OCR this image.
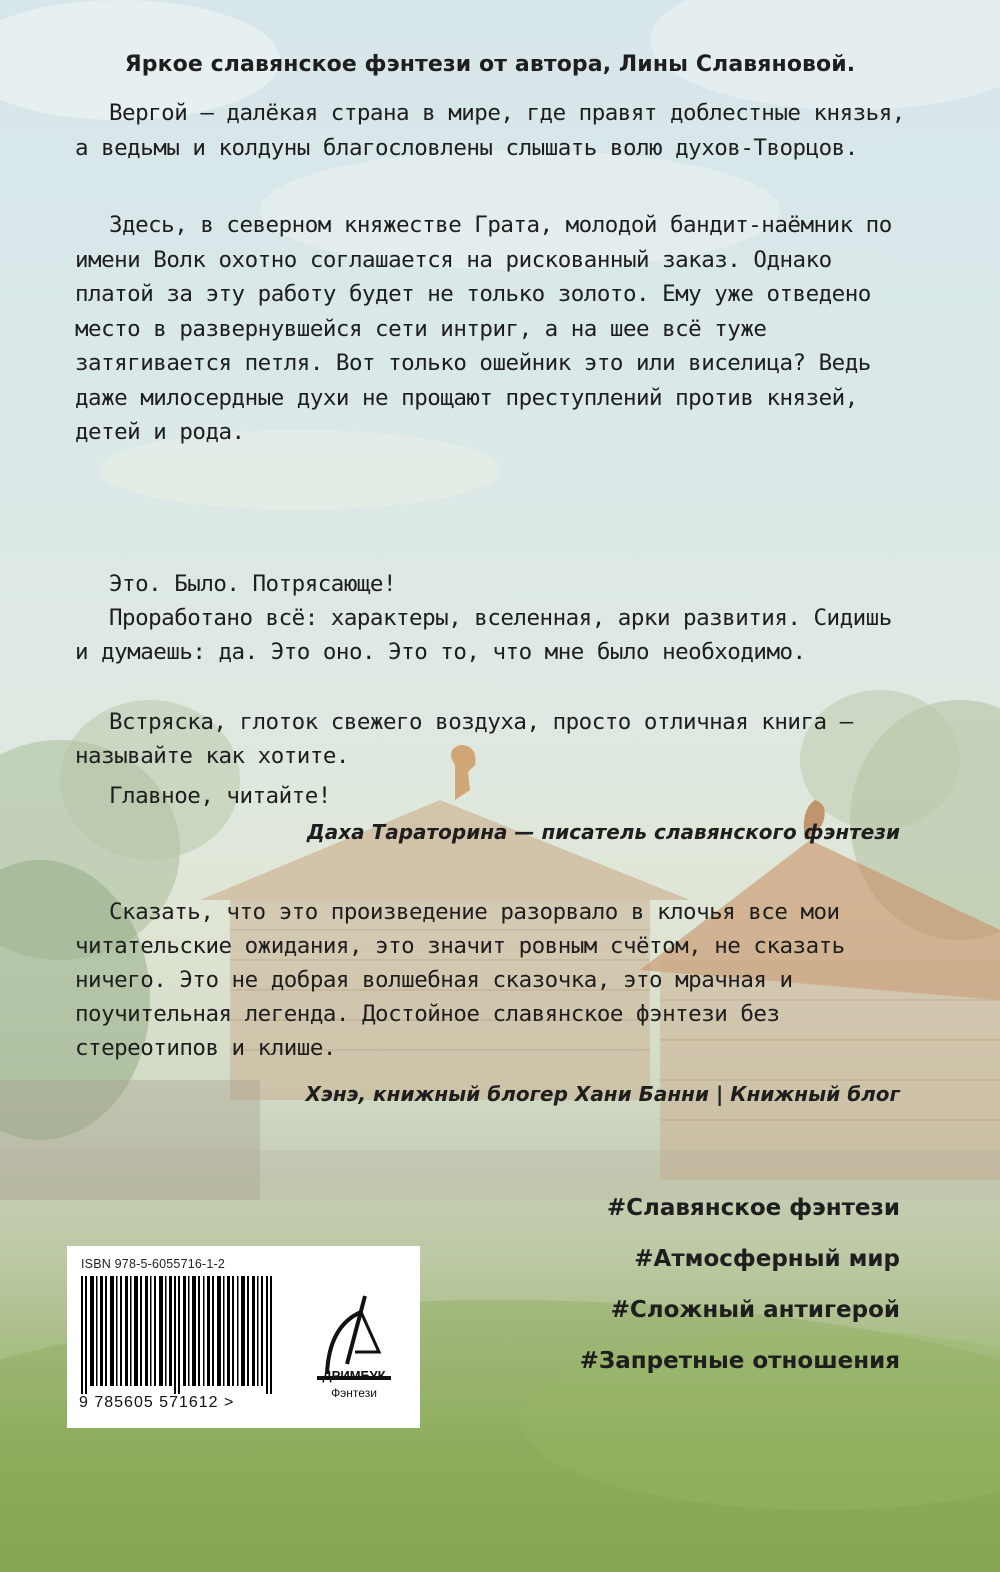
Яркое славянское фэнтези от автора, Лины Славяновой.

Вергой — далёкая страна в мире, где правят доблестные князья, а ведьмы и колдуны благословлены слышать волю духов-Творцов.

Здесь, в северном княжестве Грата, молодой бандит-наёмник по имени Волк охотно соглашается на рискованный заказ. Однако платой за эту работу будет не только золото. Ему уже отведено место в развернувшейся сети интриг, а на шее всё туже затягивается петля. Вот только ошейник это или виселица? Ведь даже милосердные духи не прощают преступлений против князей, детей и рода.

Это. Было. Потрясающе!

Проработано всё: характеры, вселенная, арки развития. Сидишь и думаешь: да. Это оно. Это то, что мне было необходимо.

Встряска, глоток свежего воздуха, просто отличная книга — называйте как хотите.

Главное, читайте!

Даха Тараторина — писатель славянского фэнтези

Сказать, что это произведение разорвало в клочья все мои читательские ожидания, это значит ровным счётом, не сказать ничего. Это не добрая волшебная сказочка, это мрачная и поучительная легенда. Достойное славянское фэнтези без стереотипов и клише.

Хэнэ, книжный блогер Хани Банни | Книжный блог
#Славянское фэнтези
#Атмосферный мир
#Сложный антигерой
#Запретные отношения
ISBN 978-5-6055716-1-2
9 785605 571612 >
ДРИМБУК
Фэнтези
